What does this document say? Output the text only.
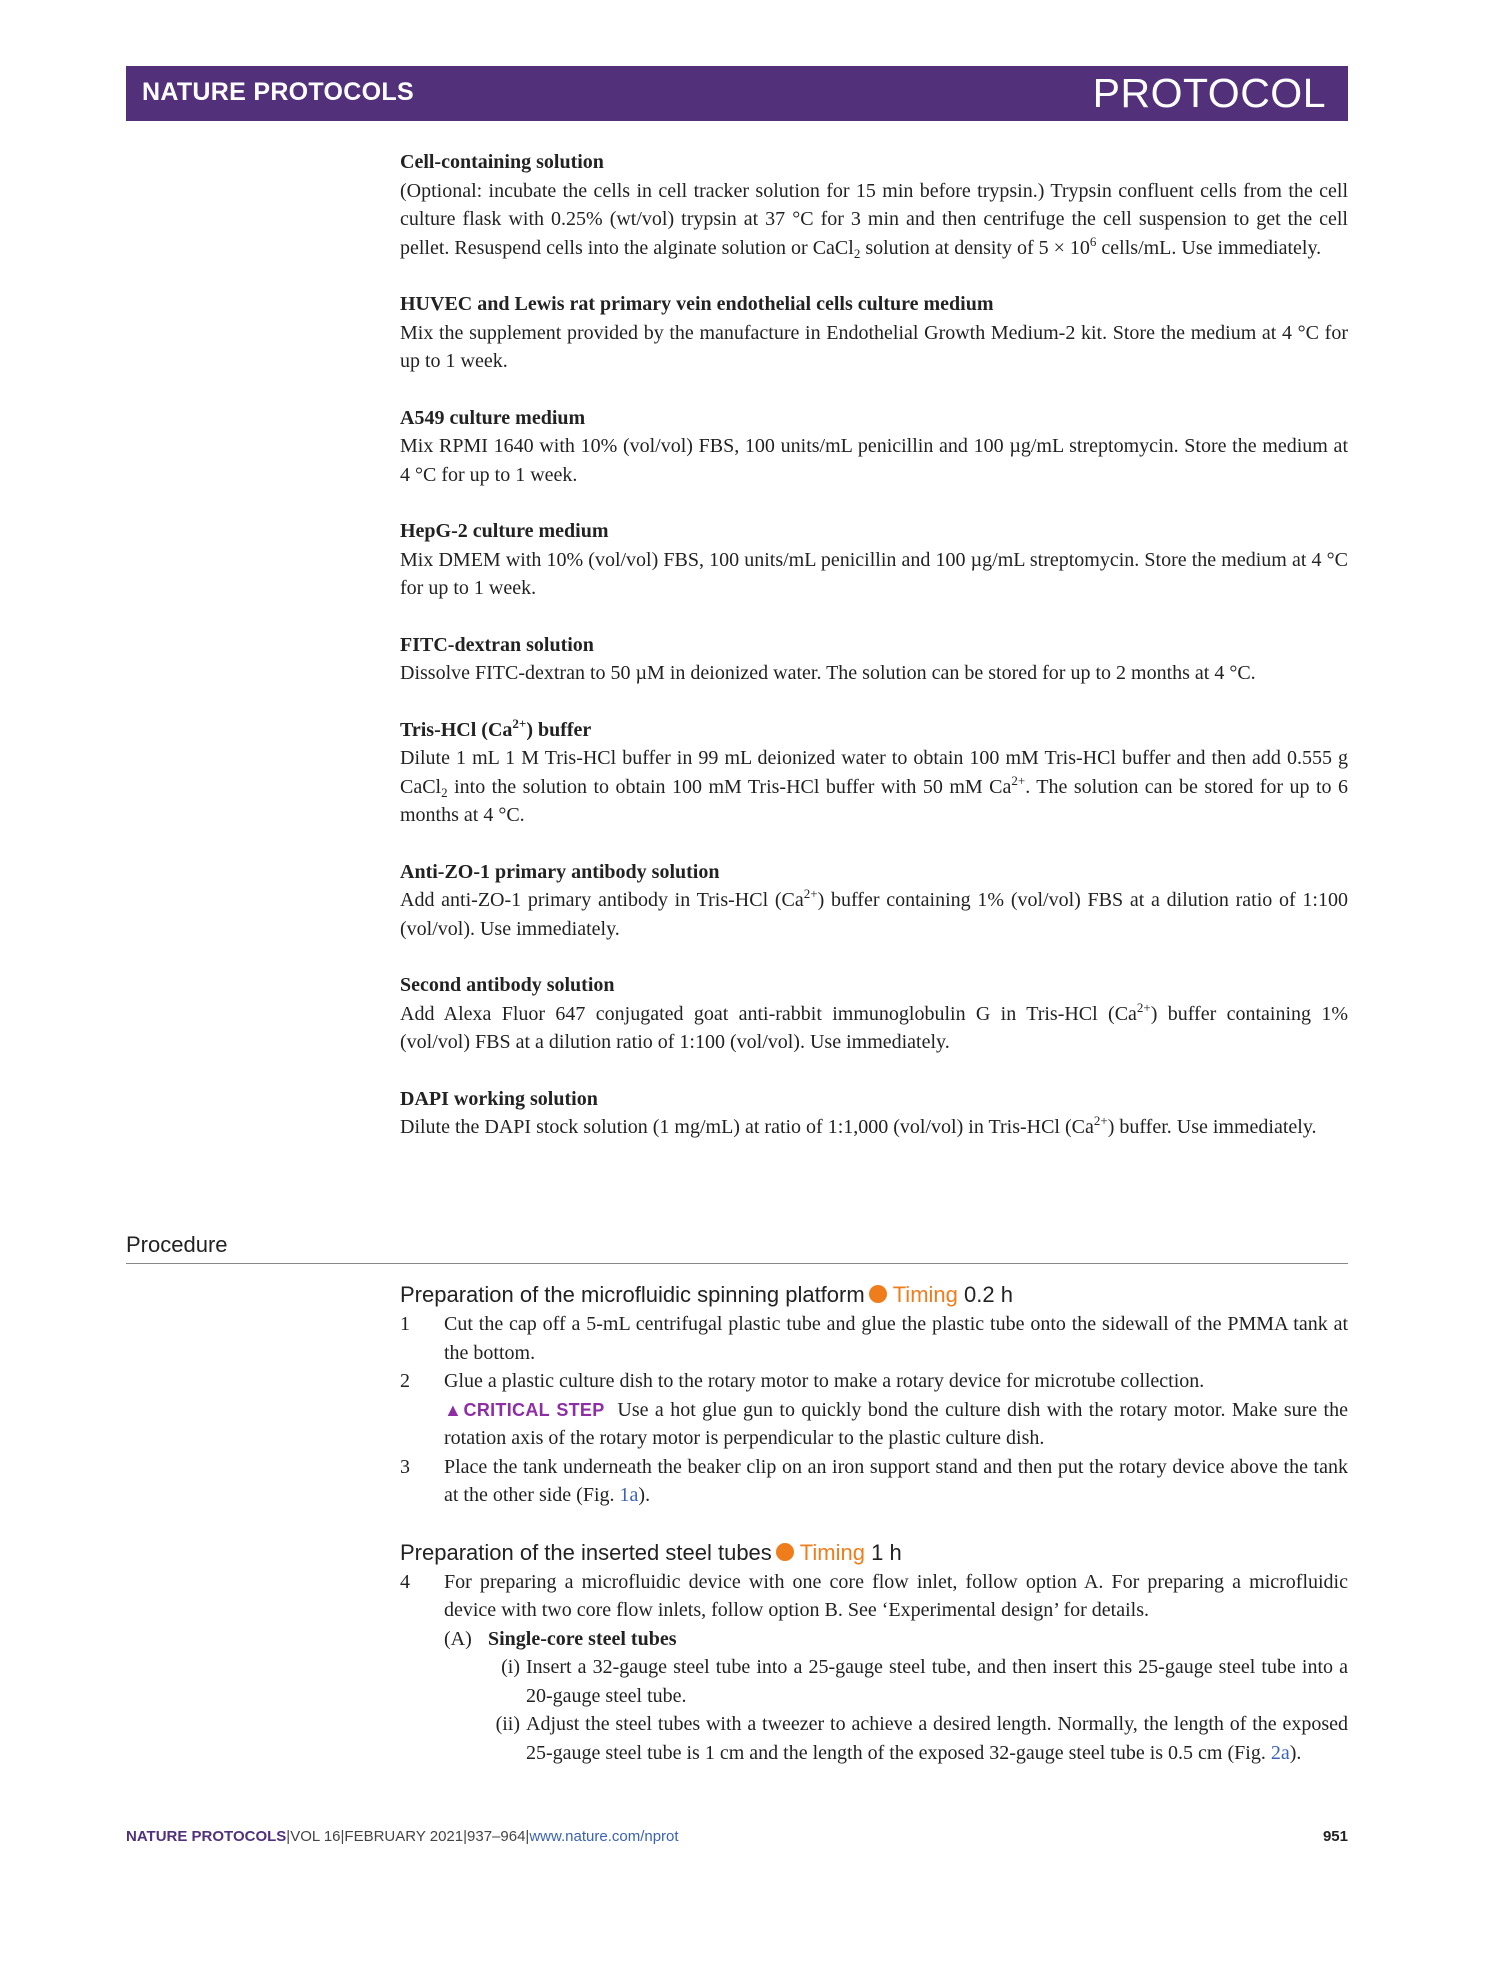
NATURE PROTOCOLS	PROTOCOL

Cell-containing solution

(Optional: incubate the cells in cell tracker solution for 15 min before trypsin.) Trypsin confluent cells from the cell culture flask with 0.25% (wt/vol) trypsin at 37 °C for 3 min and then centrifuge the cell suspension to get the cell pellet. Resuspend cells into the alginate solution or CaCl$_2$ solution at density of $5 \times 10^6$ cells/mL. Use immediately.

HUVEC and Lewis rat primary vein endothelial cells culture medium

Mix the supplement provided by the manufacture in Endothelial Growth Medium-2 kit. Store the medium at 4 °C for up to 1 week.

A549 culture medium

Mix RPMI 1640 with 10% (vol/vol) FBS, 100 units/mL penicillin and 100 µg/mL streptomycin. Store the medium at 4 °C for up to 1 week.

HepG-2 culture medium

Mix DMEM with 10% (vol/vol) FBS, 100 units/mL penicillin and 100 µg/mL streptomycin. Store the medium at 4 °C for up to 1 week.

FITC-dextran solution

Dissolve FITC-dextran to 50 µM in deionized water. The solution can be stored for up to 2 months at 4 °C.

Tris-HCl $(Ca^{2+})$ buffer

Dilute 1 mL 1 M Tris-HCl buffer in 99 mL deionized water to obtain 100 mM Tris-HCl buffer and then add 0.555 g CaCl$_2$ into the solution to obtain 100 mM Tris-HCl buffer with 50 mM $Ca^{2+}$. The solution can be stored for up to 6 months at 4 °C.

Anti-ZO-1 primary antibody solution

Add anti-ZO-1 primary antibody in Tris-HCl $(Ca^{2+})$ buffer containing 1% (vol/vol) FBS at a dilution ratio of 1:100 (vol/vol). Use immediately.

Second antibody solution

Add Alexa Fluor 647 conjugated goat anti-rabbit immunoglobulin G in Tris-HCl $(Ca^{2+})$ buffer containing 1% (vol/vol) FBS at a dilution ratio of 1:100 (vol/vol). Use immediately.

DAPI working solution

Dilute the DAPI stock solution (1 mg/mL) at ratio of 1:1,000 (vol/vol) in Tris-HCl $(Ca^{2+})$ buffer. Use immediately.

Procedure

Preparation of the microfluidic spinning platform Timing 0.2 h

1	Cut the cap off a 5-mL centrifugal plastic tube and glue the plastic tube onto the sidewall of the PMMA tank at the bottom.
2	Glue a plastic culture dish to the rotary motor to make a rotary device for microtube collection.
▲CRITICAL STEP Use a hot glue gun to quickly bond the culture dish with the rotary motor. Make sure the rotation axis of the rotary motor is perpendicular to the plastic culture dish.
3	Place the tank underneath the beaker clip on an iron support stand and then put the rotary device above the tank at the other side (Fig. 1a).

Preparation of the inserted steel tubes Timing 1 h

4	For preparing a microfluidic device with one core flow inlet, follow option A. For preparing a microfluidic device with two core flow inlets, follow option B. See ‘Experimental design’ for details.
(A) Single-core steel tubes
(i) Insert a 32-gauge steel tube into a 25-gauge steel tube, and then insert this 25-gauge steel tube into a 20-gauge steel tube.
(ii) Adjust the steel tubes with a tweezer to achieve a desired length. Normally, the length of the exposed 25-gauge steel tube is 1 cm and the length of the exposed 32-gauge steel tube is 0.5 cm (Fig. 2a).
NATURE PROTOCOLS|VOL 16|FEBRUARY 2021|937–964|www.nature.com/nprot	951
